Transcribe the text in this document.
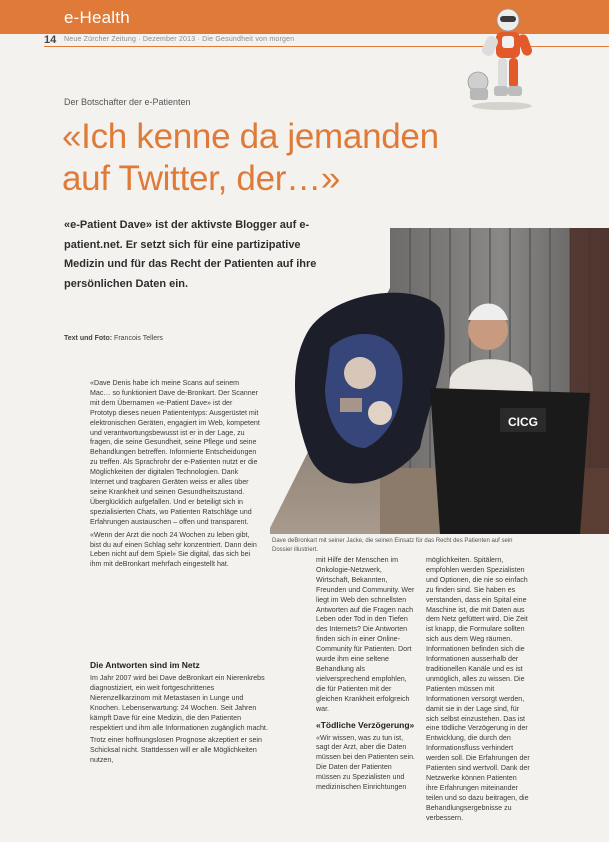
e-Health
14 Neue Zürcher Zeitung · Dezember 2013 · Die Gesundheit von morgen
Der Botschafter der e-Patienten
«Ich kenne da jemanden
auf Twitter, der…»

«e-Patient Dave» ist der aktivste Blogger auf e-patient.net. Er setzt sich für eine partizipative Medizin und für das Recht der Patienten auf ihre persönlichen Daten ein.

Text und Foto: Francois Tellers
CICG
Dave deBronkart mit seiner Jacke, die seinen Einsatz für das Recht des Patienten auf sein Dossier illustriert.

«Dave Denis habe ich meine Scans auf seinem Mac… so funktioniert Dave de-Bronkart. Der Scanner mit dem Übernamen «e-Patient Dave» ist der Prototyp dieses neuen Patiententyps: Ausgerüstet mit elektronischen Geräten, engagiert im Web, kompetent und verantwortungsbewusst ist er in der Lage, zu fragen, die seine Gesundheit, seine Pflege und seine Behandlungen betreffen. Informierte Entscheidungen zu treffen. Als Sprachrohr der e-Patienten nutzt er die Möglichkeiten der digitalen Technologien. Dank Internet und tragbaren Geräten weiss er alles über seine Krankheit und seinen Gesundheitszustand. Überglücklich aufgefallen. Und er beteiligt sich in spezialisierten Chats, wo Patienten Ratschläge und Erfahrungen austauschen – offen und transparent.

«Wenn der Arzt die noch 24 Wochen zu leben gibt, bist du auf einen Schlag sehr konzentriert. Dann dein Leben nicht auf dem Spiel» Sie digital, das sich bei ihm mit deBronkart mehrfach eingestellt hat.

Die Antworten sind im Netz

Im Jahr 2007 wird bei Dave deBronkart ein Nierenkrebs diagnostiziert, ein weit fortgeschrittenes Nierenzellkarzinom mit Metastasen in Lunge und Knochen. Lebenserwartung: 24 Wochen. Seit Jahren kämpft Dave für eine Medizin, die den Patienten respektiert und ihm alle Informationen zugänglich macht.

Trotz einer hoffnungslosen Prognose akzeptiert er sein Schicksal nicht. Stattdessen will er alle Möglichkeiten nutzen,

mit Hilfe der Menschen im Onkologie-Netzwerk, Wirtschaft, Bekannten, Freunden und Community. Wer liegt im Web den schnellsten Antworten auf die Fragen nach Leben oder Tod in den Tiefen des Internets? Die Antworten finden sich in einer Online-Community für Patienten. Dort wurde ihm eine seltene Behandlung als vielversprechend empfohlen, die für Patienten mit der gleichen Krankheit erfolgreich war.

«Tödliche Verzögerung»

«Wir wissen, was zu tun ist, sagt der Arzt, aber die Daten müssen bei den Patienten sein. Die Daten der Patienten müssen zu Spezialisten und medizinischen Einrichtungen

möglichkeiten. Spitälern, empfohlen werden Spezialisten und Optionen, die nie so einfach zu finden sind. Sie haben es verstanden, dass ein Spital eine Maschine ist, die mit Daten aus dem Netz gefüttert wird. Die Zeit ist knapp, die Formulare sollten sich aus dem Weg räumen. Informationen befinden sich die Informationen ausserhalb der traditionellen Kanäle und es ist unmöglich, alles zu wissen. Die Patienten müssen mit Informationen versorgt werden, damit sie in der Lage sind, für sich selbst einzustehen. Das ist eine tödliche Verzögerung in der Entwicklung, die durch den Informationsfluss verhindert werden soll. Die Erfahrungen der Patienten sind wertvoll. Dank der Netzwerke können Patienten ihre Erfahrungen miteinander teilen und so dazu beitragen, die Behandlungsergebnisse zu verbessern.
